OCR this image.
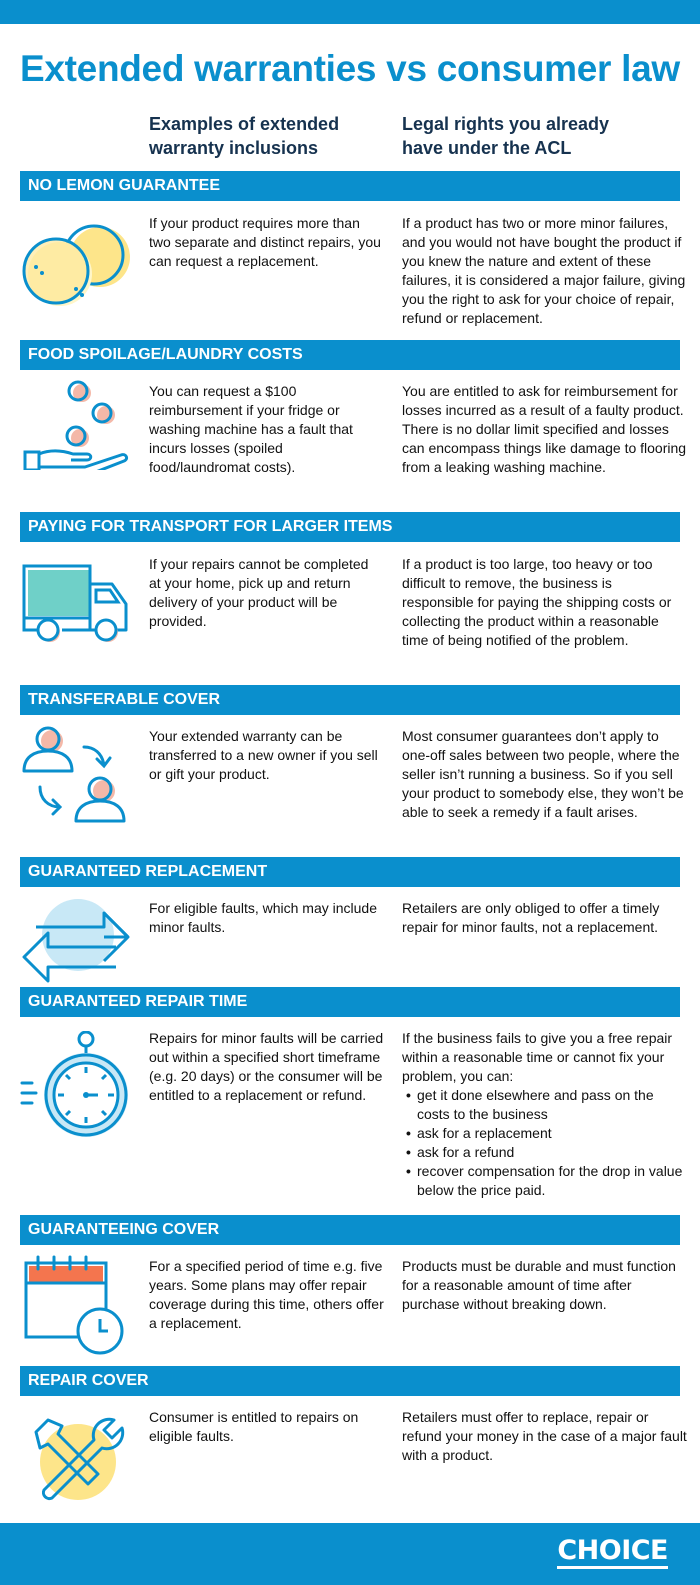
Extended warranties vs consumer law
Examples of extended warranty inclusions
Legal rights you already have under the ACL
NO LEMON GUARANTEE
If your product requires more than two separate and distinct repairs, you can request a replacement.
If a product has two or more minor failures, and you would not have bought the product if you knew the nature and extent of these failures, it is considered a major failure, giving you the right to ask for your choice of repair, refund or replacement.
FOOD SPOILAGE/LAUNDRY COSTS
You can request a $100 reimbursement if your fridge or washing machine has a fault that incurs losses (spoiled food/laundromat costs).
You are entitled to ask for reimbursement for losses incurred as a result of a faulty product. There is no dollar limit specified and losses can encompass things like damage to flooring from a leaking washing machine.
PAYING FOR TRANSPORT FOR LARGER ITEMS
If your repairs cannot be completed at your home, pick up and return delivery of your product will be provided.
If a product is too large, too heavy or too difficult to remove, the business is responsible for paying the shipping costs or collecting the product within a reasonable time of being notified of the problem.
TRANSFERABLE COVER
Your extended warranty can be transferred to a new owner if you sell or gift your product.
Most consumer guarantees don’t apply to one-off sales between two people, where the seller isn’t running a business. So if you sell your product to somebody else, they won’t be able to seek a remedy if a fault arises.
GUARANTEED REPLACEMENT
For eligible faults, which may include minor faults.
Retailers are only obliged to offer a timely repair for minor faults, not a replacement.
GUARANTEED REPAIR TIME
Repairs for minor faults will be carried out within a specified short timeframe (e.g. 20 days) or the consumer will be entitled to a replacement or refund.
If the business fails to give you a free repair within a reasonable time or cannot fix your problem, you can:
• get it done elsewhere and pass on the costs to the business
• ask for a replacement
• ask for a refund
• recover compensation for the drop in value below the price paid.
GUARANTEEING COVER
For a specified period of time e.g. five years. Some plans may offer repair coverage during this time, others offer a replacement.
Products must be durable and must function for a reasonable amount of time after purchase without breaking down.
REPAIR COVER
Consumer is entitled to repairs on eligible faults.
Retailers must offer to replace, repair or refund your money in the case of a major fault with a product.
CHOICE
